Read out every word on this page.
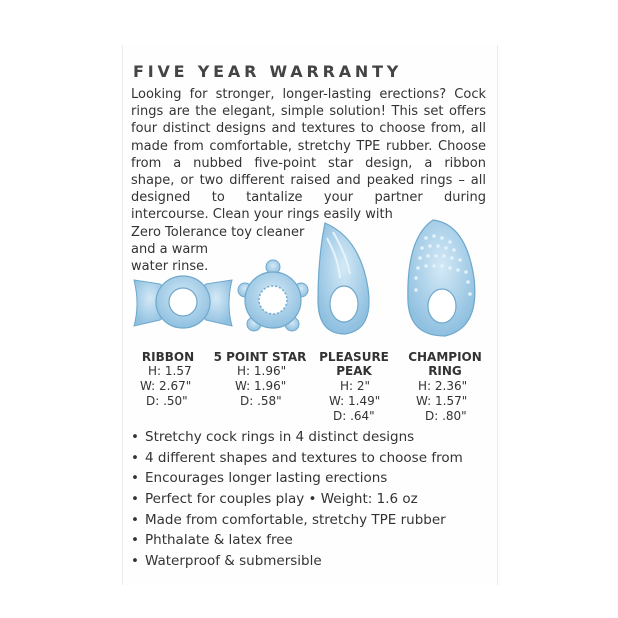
FIVE YEAR WARRANTY
Looking for stronger, longer-lasting erections? Cock
rings are the elegant, simple solution! This set offers
four distinct designs and textures to choose from, all
made from comfortable, stretchy TPE rubber. Choose
from a nubbed five-point star design, a ribbon
shape, or two different raised and peaked rings – all
designed to tantalize your partner during
intercourse. Clean your rings easily with
Zero Tolerance toy cleaner
and a warm
water rinse.
RIBBON
H: 1.57
W: 2.67"
D: .50"
5 POINT STAR
H: 1.96"
W: 1.96"
D: .58"
PLEASURE
PEAK
H: 2"
W: 1.49"
D: .64"
CHAMPION
RING
H: 2.36"
W: 1.57"
D: .80"
• Stretchy cock rings in 4 distinct designs
• 4 different shapes and textures to choose from
• Encourages longer lasting erections
• Perfect for couples play • Weight: 1.6 oz
• Made from comfortable, stretchy TPE rubber
• Phthalate & latex free
• Waterproof & submersible
